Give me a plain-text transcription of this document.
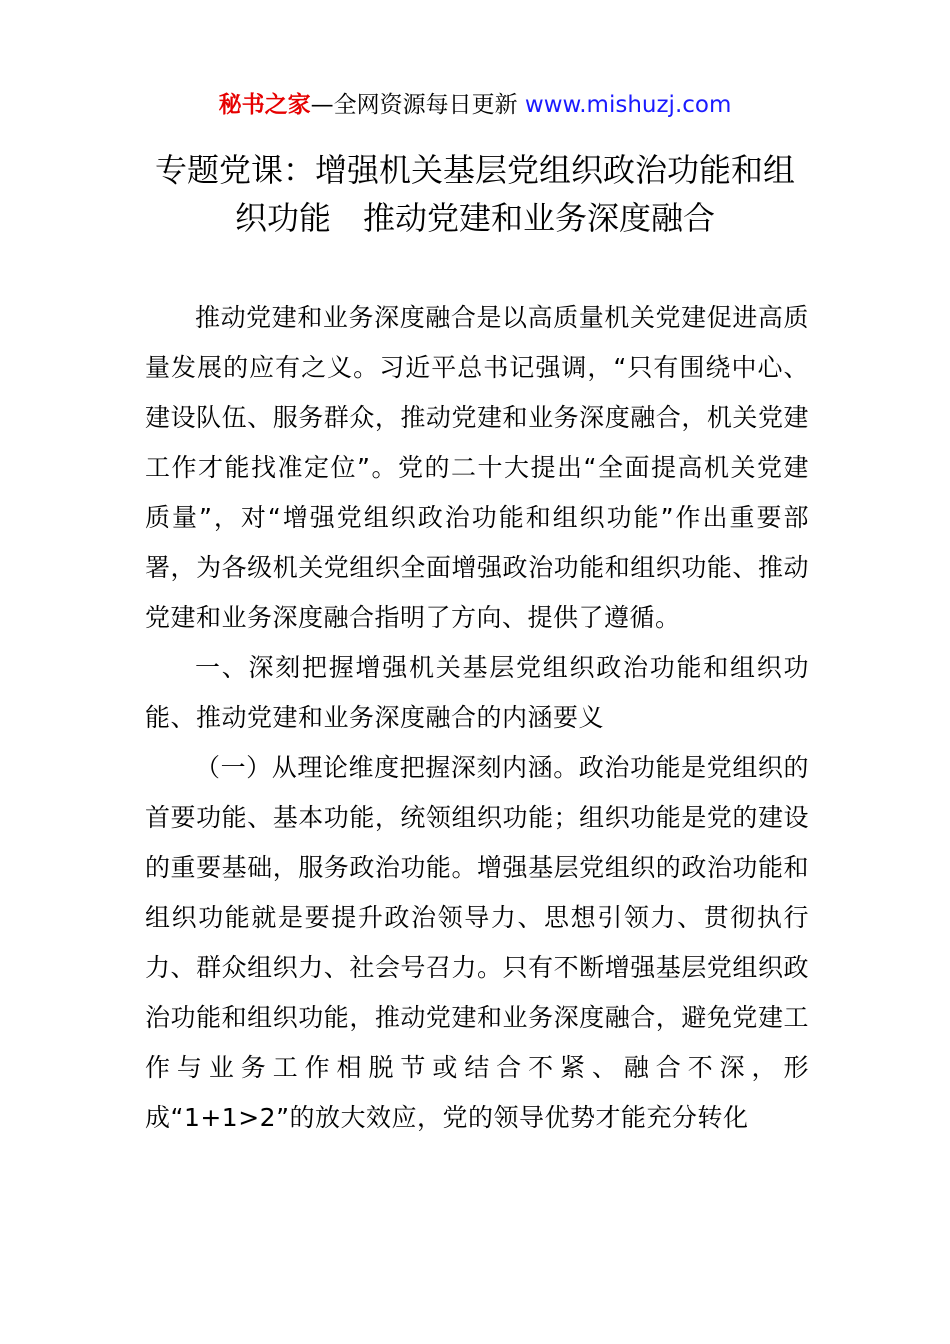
秘书之家—全网资源每日更新 www.mishuzj.com
专题党课：增强机关基层党组织政治功能和组
织功能　推动党建和业务深度融合

推动党建和业务深度融合是以高质量机关党建促进高质量发展的应有之义。习近平总书记强调，“只有围绕中心、建设队伍、服务群众，推动党建和业务深度融合，机关党建工作才能找准定位”。党的二十大提出“全面提高机关党建质量”，对“增强党组织政治功能和组织功能”作出重要部署，为各级机关党组织全面增强政治功能和组织功能、推动党建和业务深度融合指明了方向、提供了遵循。

一、深刻把握增强机关基层党组织政治功能和组织功能、推动党建和业务深度融合的内涵要义

（一）从理论维度把握深刻内涵。政治功能是党组织的首要功能、基本功能，统领组织功能；组织功能是党的建设的重要基础，服务政治功能。增强基层党组织的政治功能和组织功能就是要提升政治领导力、思想引领力、贯彻执行力、群众组织力、社会号召力。只有不断增强基层党组织政治功能和组织功能，推动党建和业务深度融合，避免党建工作与业务工作相脱节或结合不紧、融合不深，形成“1+1>2”的放大效应，党的领导优势才能充分转化
